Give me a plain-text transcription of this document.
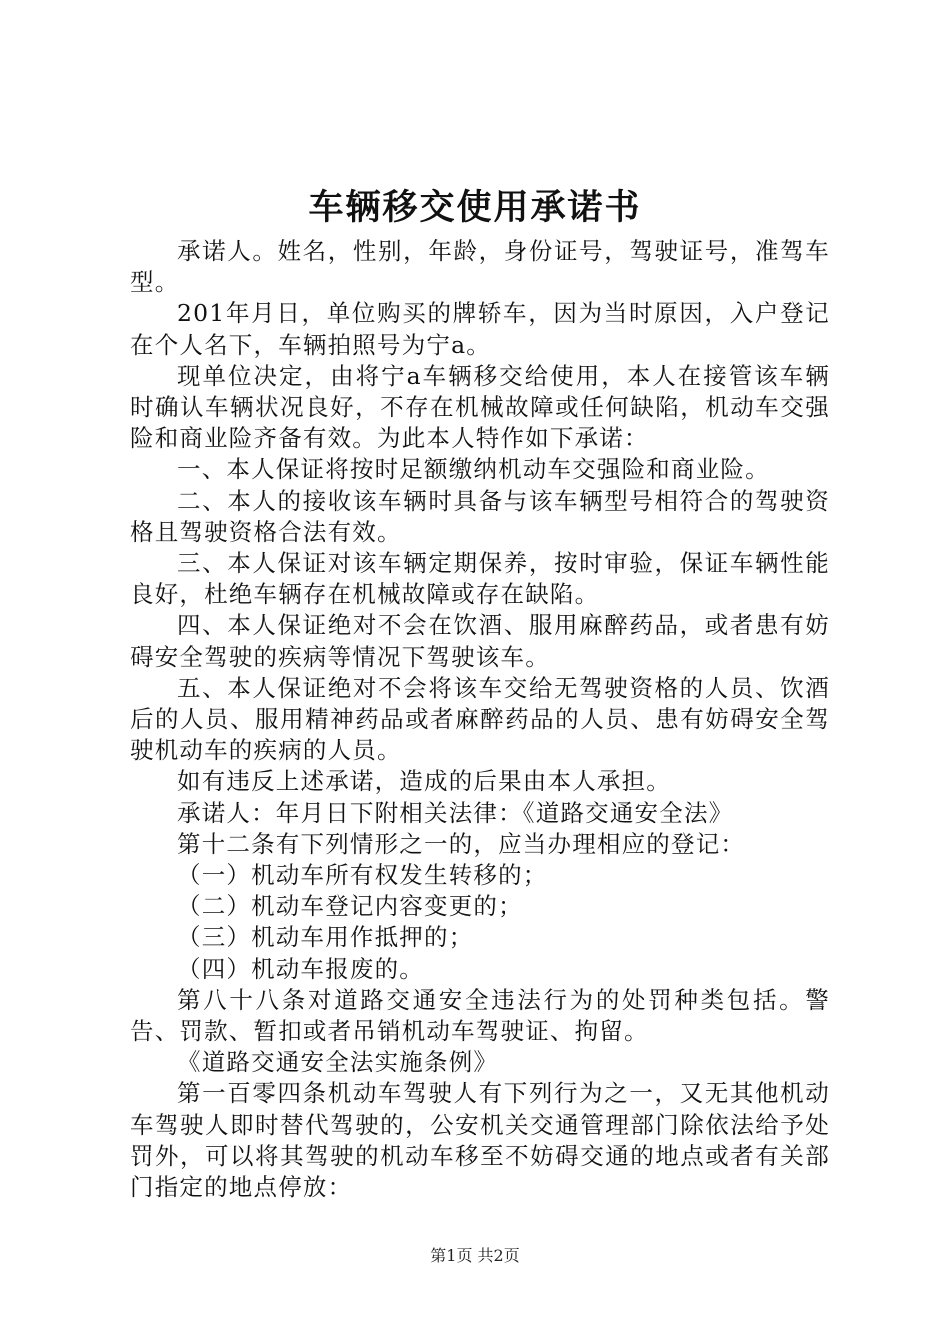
车辆移交使用承诺书

承诺人。姓名，性别，年龄，身份证号，驾驶证号，准驾车型。

201年月日，单位购买的牌轿车，因为当时原因，入户登记在个人名下，车辆拍照号为宁a。

现单位决定，由将宁a车辆移交给使用，本人在接管该车辆时确认车辆状况良好，不存在机械故障或任何缺陷，机动车交强险和商业险齐备有效。为此本人特作如下承诺：

一、本人保证将按时足额缴纳机动车交强险和商业险。

二、本人的接收该车辆时具备与该车辆型号相符合的驾驶资格且驾驶资格合法有效。

三、本人保证对该车辆定期保养，按时审验，保证车辆性能良好，杜绝车辆存在机械故障或存在缺陷。

四、本人保证绝对不会在饮酒、服用麻醉药品，或者患有妨碍安全驾驶的疾病等情况下驾驶该车。

五、本人保证绝对不会将该车交给无驾驶资格的人员、饮酒后的人员、服用精神药品或者麻醉药品的人员、患有妨碍安全驾驶机动车的疾病的人员。

如有违反上述承诺，造成的后果由本人承担。

承诺人：年月日下附相关法律：《道路交通安全法》

第十二条有下列情形之一的，应当办理相应的登记：

（一）机动车所有权发生转移的；

（二）机动车登记内容变更的；

（三）机动车用作抵押的；

（四）机动车报废的。

第八十八条对道路交通安全违法行为的处罚种类包括。警告、罚款、暂扣或者吊销机动车驾驶证、拘留。

《道路交通安全法实施条例》

第一百零四条机动车驾驶人有下列行为之一，又无其他机动车驾驶人即时替代驾驶的，公安机关交通管理部门除依法给予处罚外，可以将其驾驶的机动车移至不妨碍交通的地点或者有关部门指定的地点停放：

第1页 共2页
